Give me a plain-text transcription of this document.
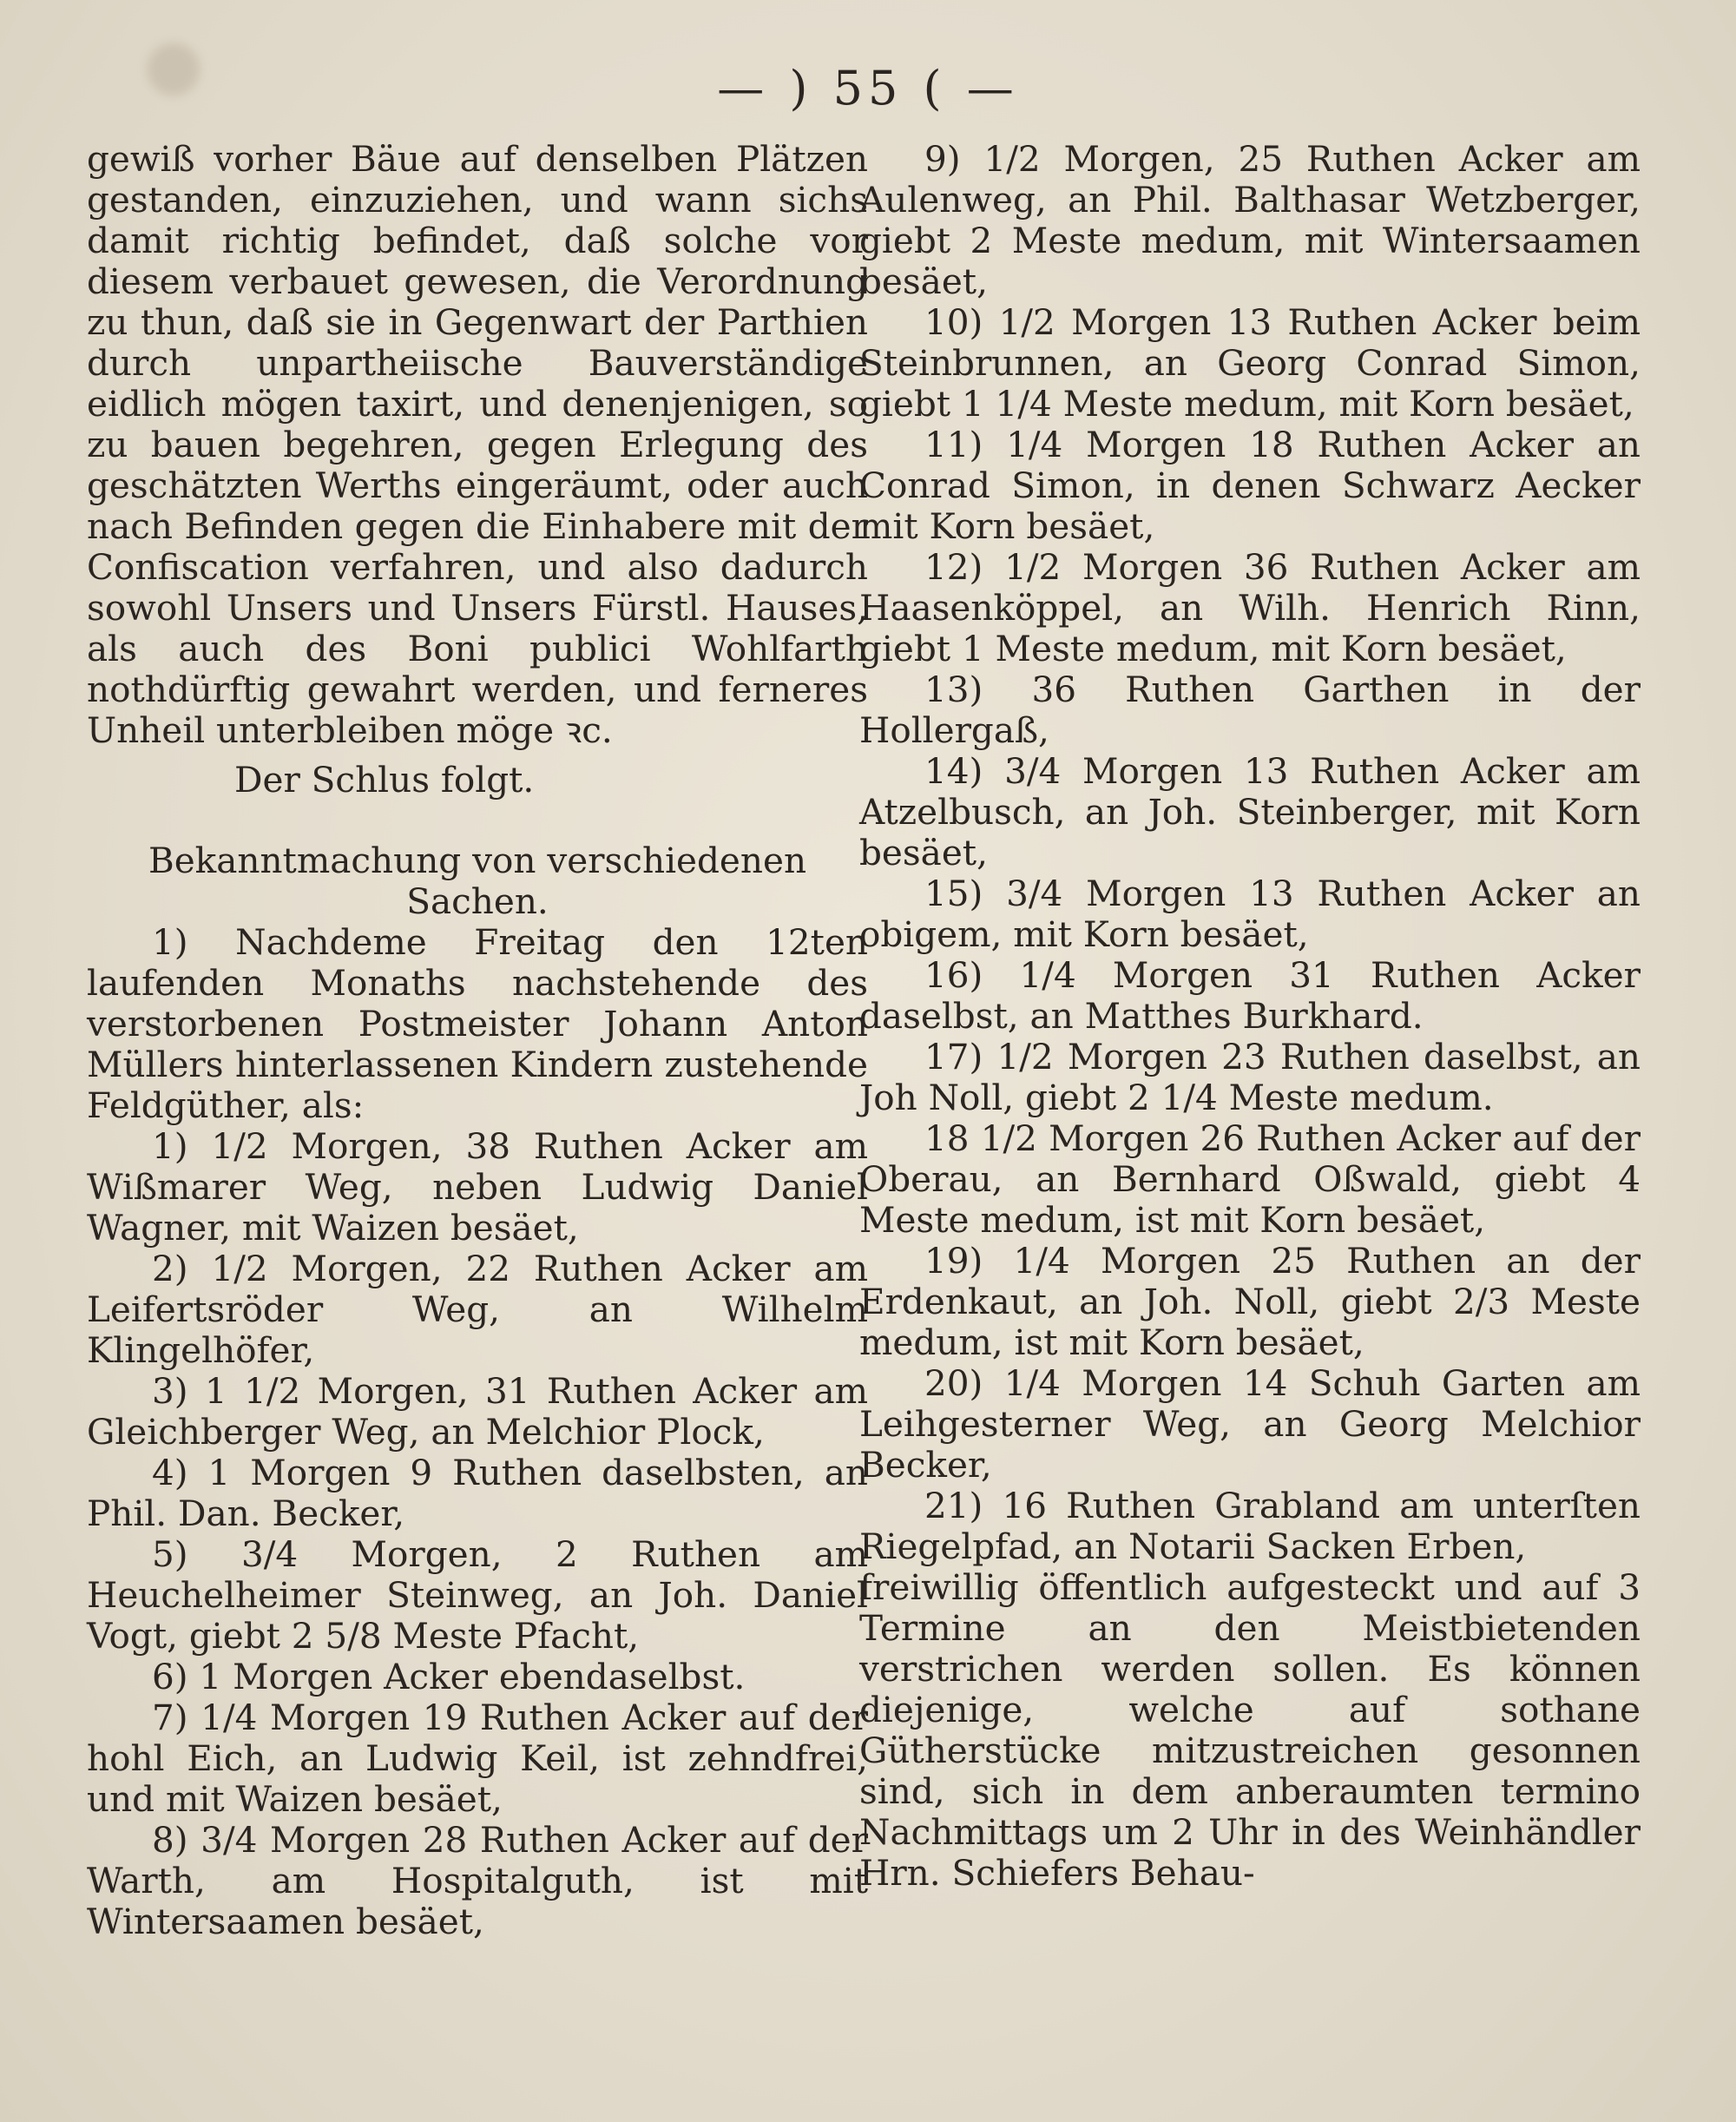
— ) 55 ( —

gewiß vorher Bäue auf denselben Plätzen gestanden, einzuziehen, und wann sichs damit richtig befindet, daß solche vor diesem verbauet gewesen, die Verordnung zu thun, daß sie in Gegenwart der Parthien durch unpartheiische Bauverständige eidlich mögen taxirt, und denenjenigen, so zu bauen begehren, gegen Erlegung des geschätzten Werths eingeräumt, oder auch nach Befinden gegen die Einhabere mit der Confiscation verfahren, und also dadurch sowohl Unsers und Unsers Fürstl. Hauses, als auch des Boni publici Wohlfarth nothdürftig gewahrt werden, und ferneres Unheil unterbleiben möge ꝛc.

Der Schlus folgt.

Bekanntmachung von verschiedenen

Sachen.

1) Nachdeme Freitag den 12ten laufenden Monaths nachstehende des verstorbenen Postmeister Johann Anton Müllers hinterlassenen Kindern zustehende Feldgüther, als:

1) 1/2 Morgen, 38 Ruthen Acker am Wißmarer Weg, neben Ludwig Daniel Wagner, mit Waizen besäet,

2) 1/2 Morgen, 22 Ruthen Acker am Leifertsröder Weg, an Wilhelm Klingelhöfer,

3) 1 1/2 Morgen, 31 Ruthen Acker am Gleichberger Weg, an Melchior Plock,

4) 1 Morgen 9 Ruthen daselbsten, an Phil. Dan. Becker,

5) 3/4 Morgen, 2 Ruthen am Heuchelheimer Steinweg, an Joh. Daniel Vogt, giebt 2 5/8 Meste Pfacht,

6) 1 Morgen Acker ebendaselbst.

7) 1/4 Morgen 19 Ruthen Acker auf der hohl Eich, an Ludwig Keil, ist zehndfrei, und mit Waizen besäet,

8) 3/4 Morgen 28 Ruthen Acker auf der Warth, am Hospitalguth, ist mit Wintersaamen besäet,

9) 1/2 Morgen, 25 Ruthen Acker am Aulenweg, an Phil. Balthasar Wetzberger, giebt 2 Meste medum, mit Wintersaamen besäet,

10) 1/2 Morgen 13 Ruthen Acker beim Steinbrunnen, an Georg Conrad Simon, giebt 1 1/4 Meste medum, mit Korn besäet,

11) 1/4 Morgen 18 Ruthen Acker an Conrad Simon, in denen Schwarz Aecker mit Korn besäet,

12) 1/2 Morgen 36 Ruthen Acker am Haasenköppel, an Wilh. Henrich Rinn, giebt 1 Meste medum, mit Korn besäet,

13) 36 Ruthen Garthen in der Hollergaß,

14) 3/4 Morgen 13 Ruthen Acker am Atzelbusch, an Joh. Steinberger, mit Korn besäet,

15) 3/4 Morgen 13 Ruthen Acker an obigem, mit Korn besäet,

16) 1/4 Morgen 31 Ruthen Acker daselbst, an Matthes Burkhard.

17) 1/2 Morgen 23 Ruthen daselbst, an Joh Noll, giebt 2 1/4 Meste medum.

18 1/2 Morgen 26 Ruthen Acker auf der Oberau, an Bernhard Oßwald, giebt 4 Meste medum, ist mit Korn besäet,

19) 1/4 Morgen 25 Ruthen an der Erdenkaut, an Joh. Noll, giebt 2/3 Meste medum, ist mit Korn besäet,

20) 1/4 Morgen 14 Schuh Garten am Leihgesterner Weg, an Georg Melchior Becker,

21) 16 Ruthen Grabland am unterſten Riegelpfad, an Notarii Sacken Erben,

freiwillig öffentlich aufgesteckt und auf 3 Termine an den Meistbietenden verstrichen werden sollen. Es können diejenige, welche auf sothane Gütherstücke mitzustreichen gesonnen sind, sich in dem anberaumten termino Nachmittags um 2 Uhr in des Weinhändler Hrn. Schiefers Behau-
